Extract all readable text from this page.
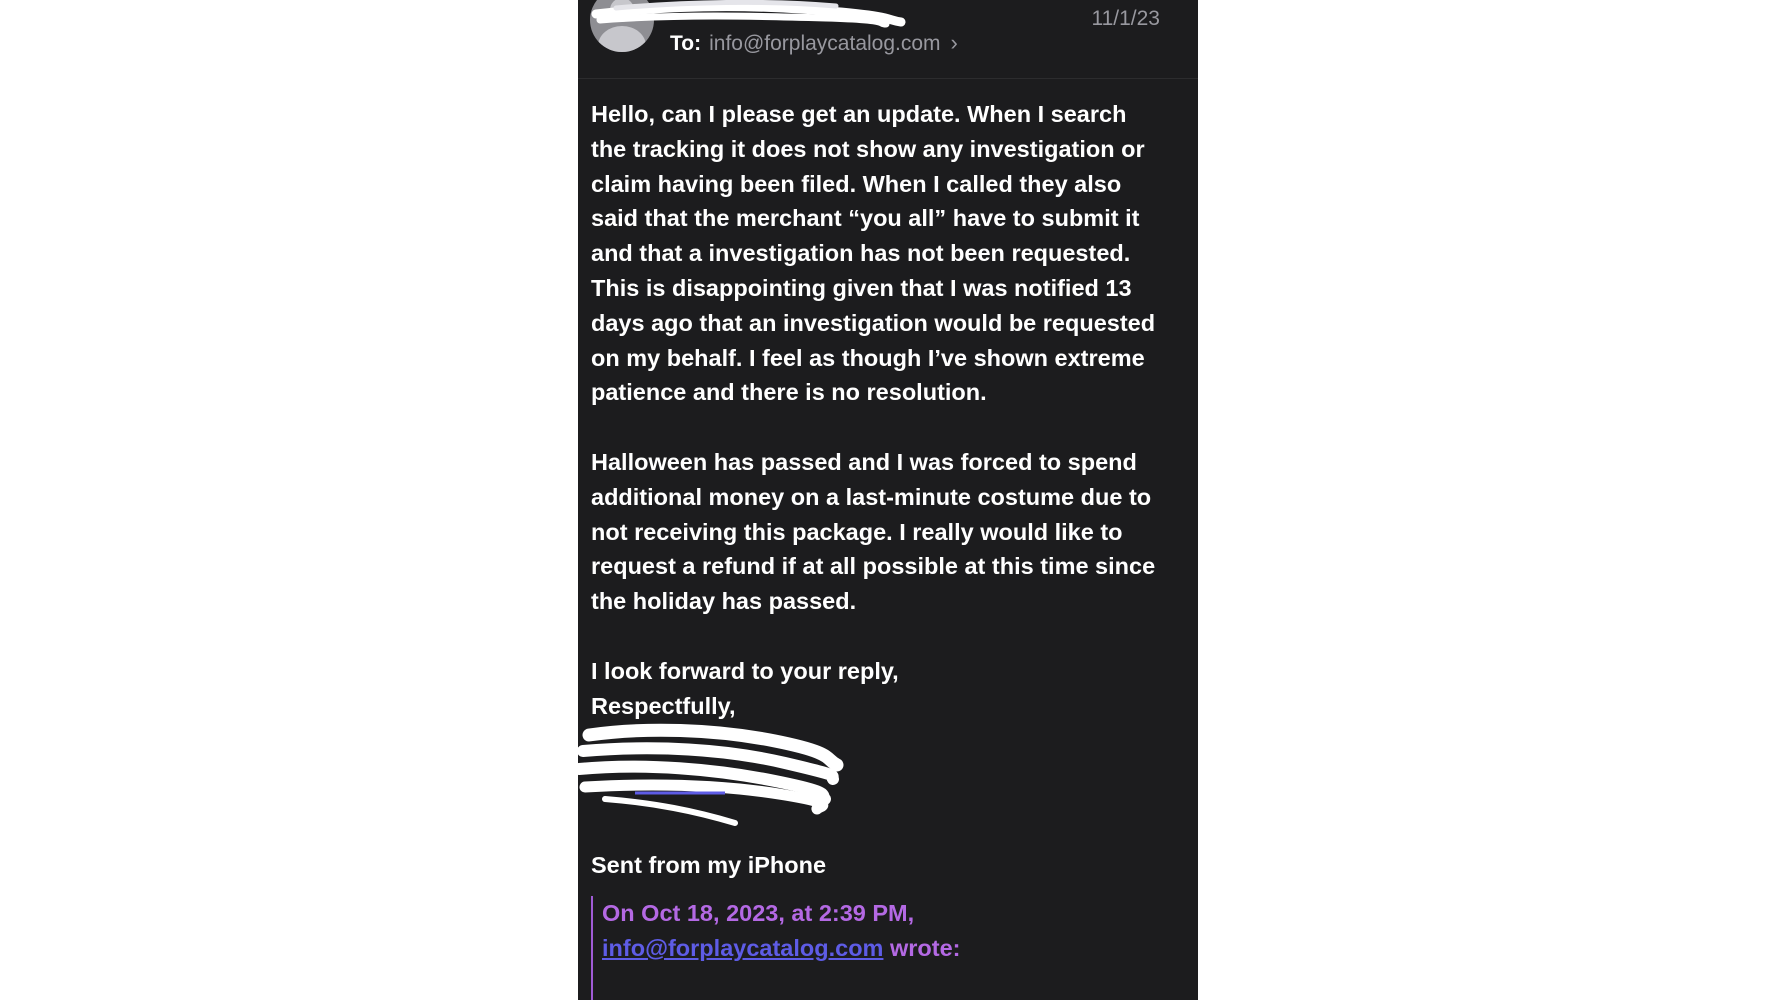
To: info@forplaycatalog.com ›
11/1/23

Hello, can I please get an update. When I search the tracking it does not show any investigation or claim having been filed. When I called they also said that the merchant “you all” have to submit it and that a investigation has not been requested. This is disappointing given that I was notified 13 days ago that an investigation would be requested on my behalf. I feel as though I’ve shown extreme patience and there is no resolution.

Halloween has passed and I was forced to spend additional money on a last-minute costume due to not receiving this package. I really would like to request a refund if at all possible at this time since the holiday has passed.

I look forward to your reply,
Respectfully,
Sent from my iPhone
On Oct 18, 2023, at 2:39 PM,
info@forplaycatalog.com wrote:
